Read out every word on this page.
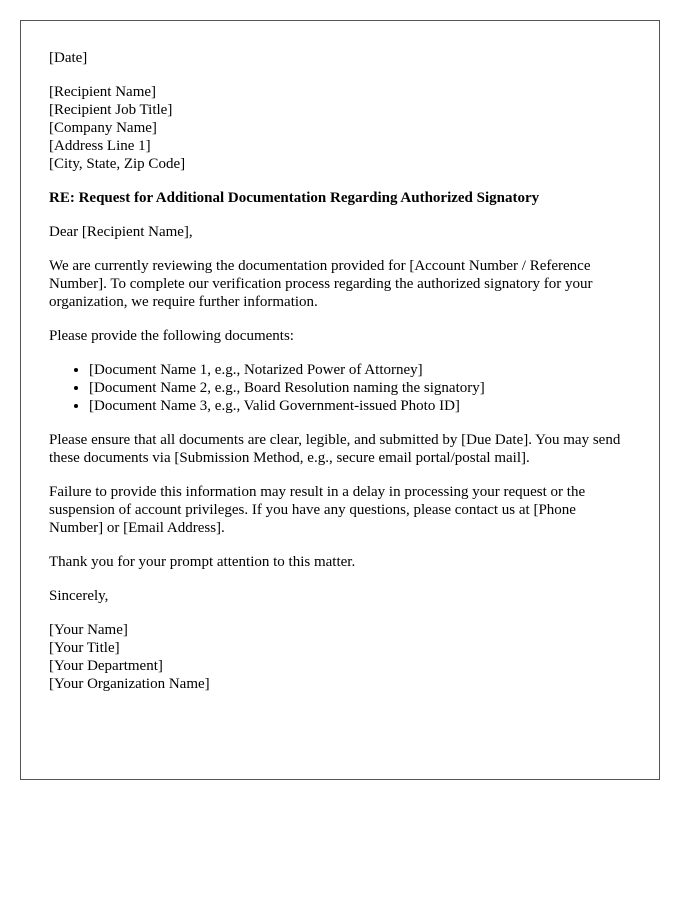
[Date]
[Recipient Name]
[Recipient Job Title]
[Company Name]
[Address Line 1]
[City, State, Zip Code]
RE: Request for Additional Documentation Regarding Authorized Signatory

Dear [Recipient Name],

We are currently reviewing the documentation provided for [Account Number / Reference Number]. To complete our verification process regarding the authorized signatory for your organization, we require further information.

Please provide the following documents:

• [Document Name 1, e.g., Notarized Power of Attorney]
• [Document Name 2, e.g., Board Resolution naming the signatory]
• [Document Name 3, e.g., Valid Government-issued Photo ID]

Please ensure that all documents are clear, legible, and submitted by [Due Date]. You may send these documents via [Submission Method, e.g., secure email portal/postal mail].

Failure to provide this information may result in a delay in processing your request or the suspension of account privileges. If you have any questions, please contact us at [Phone Number] or [Email Address].

Thank you for your prompt attention to this matter.

Sincerely,

[Your Name]
[Your Title]
[Your Department]
[Your Organization Name]
